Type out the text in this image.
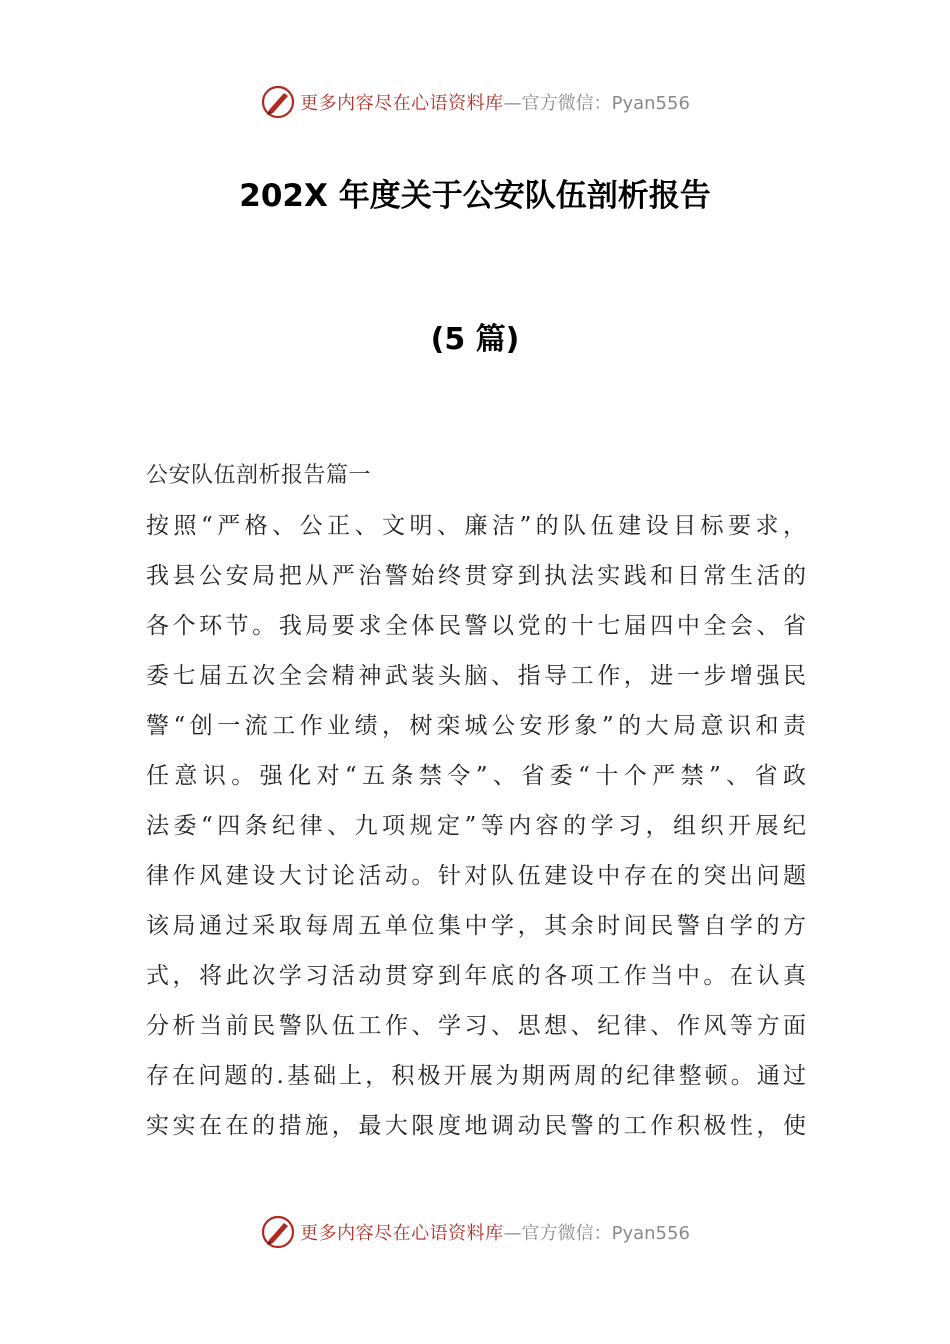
更多内容尽在心语资料库 —官方微信：Pyan556
202X 年度关于公安队伍剖析报告
(5 篇)
公安队伍剖析报告篇一
按照“严格、公正、文明、廉洁”的队伍建设目标要求，
我县公安局把从严治警始终贯穿到执法实践和日常生活的
各个环节。我局要求全体民警以党的十七届四中全会、省
委七届五次全会精神武装头脑、指导工作，进一步增强民
警“创一流工作业绩，树栾城公安形象”的大局意识和责
任意识。强化对“五条禁令”、省委“十个严禁”、省政
法委“四条纪律、九项规定”等内容的学习，组织开展纪
律作风建设大讨论活动。针对队伍建设中存在的突出问题
该局通过采取每周五单位集中学，其余时间民警自学的方
式，将此次学习活动贯穿到年底的各项工作当中。在认真
分析当前民警队伍工作、学习、思想、纪律、作风等方面
存在问题的.基础上，积极开展为期两周的纪律整顿。通过
实实在在的措施，最大限度地调动民警的工作积极性，使
更多内容尽在心语资料库 —官方微信：Pyan556
